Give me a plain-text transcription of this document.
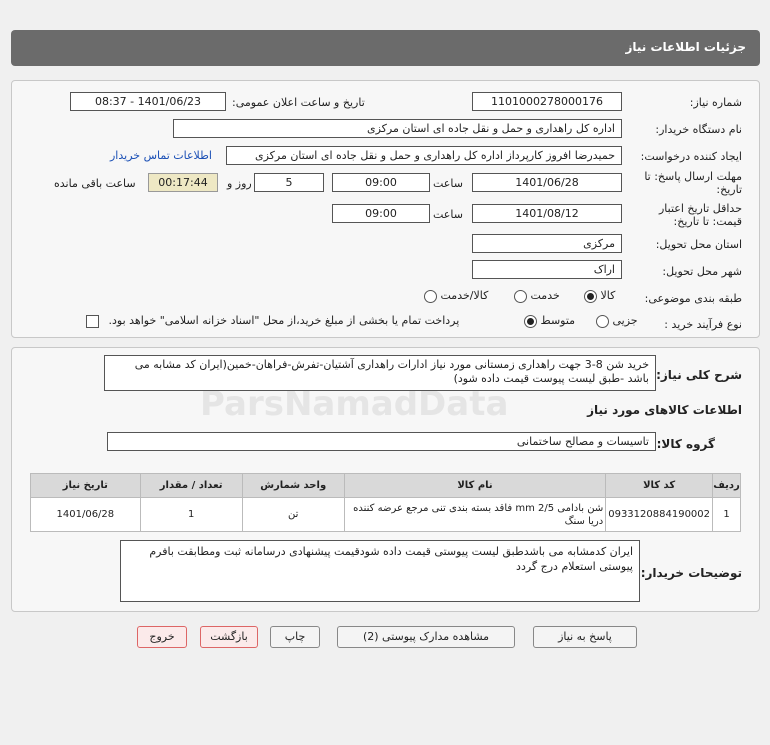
جزئیات اطلاعات نیاز
شماره نیاز:
1101000278000176
تاریخ و ساعت اعلان عمومی:
1401/06/23 - 08:37
نام دستگاه خریدار:
اداره کل راهداری و حمل و نقل جاده ای استان مرکزی
ایجاد کننده درخواست:
حمیدرضا افروز کارپرداز اداره کل راهداری و حمل و نقل جاده ای استان مرکزی
اطلاعات تماس خریدار
مهلت ارسال پاسخ: تا
تاریخ:
1401/06/28
ساعت
09:00
5
روز و
00:17:44
ساعت باقی مانده
حداقل تاریخ اعتبار
قیمت: تا تاریخ:
1401/08/12
ساعت
09:00
استان محل تحویل:
مرکزی
شهر محل تحویل:
اراک
طبقه بندی موضوعی:
کالا
خدمت
کالا/خدمت
نوع فرآیند خرید :
جزیی
متوسط
پرداخت تمام یا بخشی از مبلغ خرید،از محل "اسناد خزانه اسلامی" خواهد بود.
شرح کلی نیاز:
خرید شن 8-3 جهت راهداری زمستانی مورد نیاز ادارات راهداری آشتیان-تفرش-فراهان-خمین(ایران کد مشابه می باشد -طبق لیست پیوست قیمت داده شود)
اطلاعات کالاهای مورد نیاز
گروه کالا:
تاسیسات و مصالح ساختمانی
ردیف	کد کالا	نام کالا	واحد شمارش	تعداد / مقدار	تاریخ نیاز
1	0933120884190002	شن بادامی mm 2/5 فاقد بسته بندی تنی مرجع عرضه کننده دریا سنگ	تن	1	1401/06/28
توضیحات خریدار:
ایران کدمشابه می باشدطبق لیست پیوستی قیمت داده شودقیمت پیشنهادی درسامانه ثبت ومطابقت بافرم پیوستی استعلام درج گردد
پاسخ به نیاز
مشاهده مدارک پیوستی (2)
چاپ
بازگشت
خروج
